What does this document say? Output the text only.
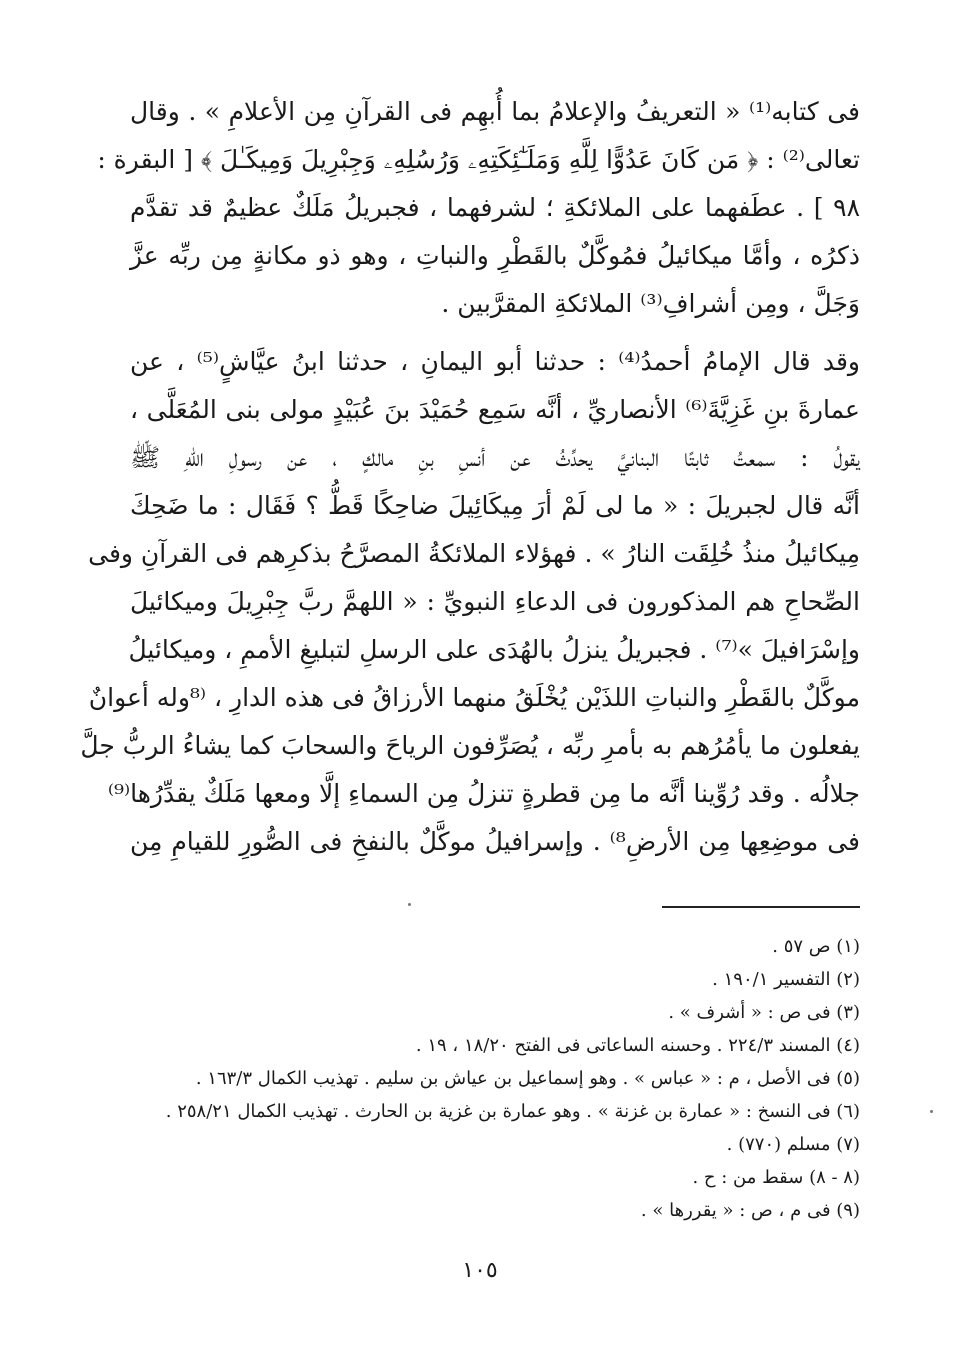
فى كتابه⁽¹⁾ « التعريفُ والإعلامُ بما أُبهِم فى القرآنِ مِن الأعلامِ » . وقال
تعالى⁽²⁾ : ﴿ مَن كَانَ عَدُوًّا لِلَّهِ وَمَلَـٰٓئِكَتِهِۦ وَرُسُلِهِۦ وَجِبْرِيلَ وَمِيكَـٰلَ ﴾ [ البقرة :
٩٨ ] . عطَفهما على الملائكةِ ؛ لشرفهما ، فجبريلُ مَلَكٌ عظيمٌ قد تقدَّم
ذكرُه ، وأمَّا ميكائيلُ فمُوكَّلٌ بالقَطْرِ والنباتِ ، وهو ذو مكانةٍ مِن ربِّه عزَّ
وَجَلَّ ، ومِن أشرافِ⁽³⁾ الملائكةِ المقرَّبين .
وقد قال الإمامُ أحمدُ⁽⁴⁾ : حدثنا أبو اليمانِ ، حدثنا ابنُ عيَّاشٍ⁽⁵⁾ ، عن
عمارةَ بنِ غَزِيَّةَ⁽⁶⁾ الأنصاريِّ ، أنَّه سَمِع حُمَيْدَ بنَ عُبَيْدٍ مولى بنى المُعَلَّى ،
يقولُ : سمعتُ ثابتًا البنانيَّ يحدِّثُ عن أنسِ بنِ مالكٍ ، عن رسولِ اللهِ ﷺ
أنَّه قال لجبريلَ : « ما لى لَمْ أرَ مِيكَائِيلَ ضاحِكًا قَطُّ ؟ فَقَال : ما ضَحِكَ
مِيكائيلُ منذُ خُلِقَت النارُ » . فهؤلاء الملائكةُ المصرَّحُ بذكرِهم فى القرآنِ وفى
الصِّحاحِ هم المذكورون فى الدعاءِ النبويِّ : « اللهمَّ ربَّ جِبْرِيلَ وميكائيلَ
وإسْرَافيلَ »⁽⁷⁾ . فجبريلُ ينزلُ بالهُدَى على الرسلِ لتبليغِ الأممِ ، وميكائيلُ
موكَّلٌ بالقَطْرِ والنباتِ اللذَيْن يُخْلَقُ منهما الأرزاقُ فى هذه الدارِ ، ⁽⁸وله أعوانٌ
يفعلون ما يأمُرُهم به بأمرِ ربِّه ، يُصَرِّفون الرياحَ والسحابَ كما يشاءُ الربُّ جلَّ
جلالُه . وقد رُوِّينا أنَّه ما مِن قطرةٍ تنزلُ مِن السماءِ إلَّا ومعها مَلَكٌ يقدِّرُها⁽⁹⁾
فى موضِعِها مِن الأرضِ⁸⁾ . وإسرافيلُ موكَّلٌ بالنفخِ فى الصُّورِ للقيامِ مِن
(١) ص ٥٧ .
(٢) التفسير ١٩٠/١ .
(٣) فى ص : « أشرف » .
(٤) المسند ٢٢٤/٣ . وحسنه الساعاتى فى الفتح ١٨/٢٠ ، ١٩ .
(٥) فى الأصل ، م : « عباس » . وهو إسماعيل بن عياش بن سليم . تهذيب الكمال ١٦٣/٣ .
(٦) فى النسخ : « عمارة بن غزنة » . وهو عمارة بن غزية بن الحارث . تهذيب الكمال ٢٥٨/٢١ .
(٧) مسلم (٧٧٠) .
(٨ - ٨) سقط من : ح .
(٩) فى م ، ص : « يقررها » .
١٠٥
